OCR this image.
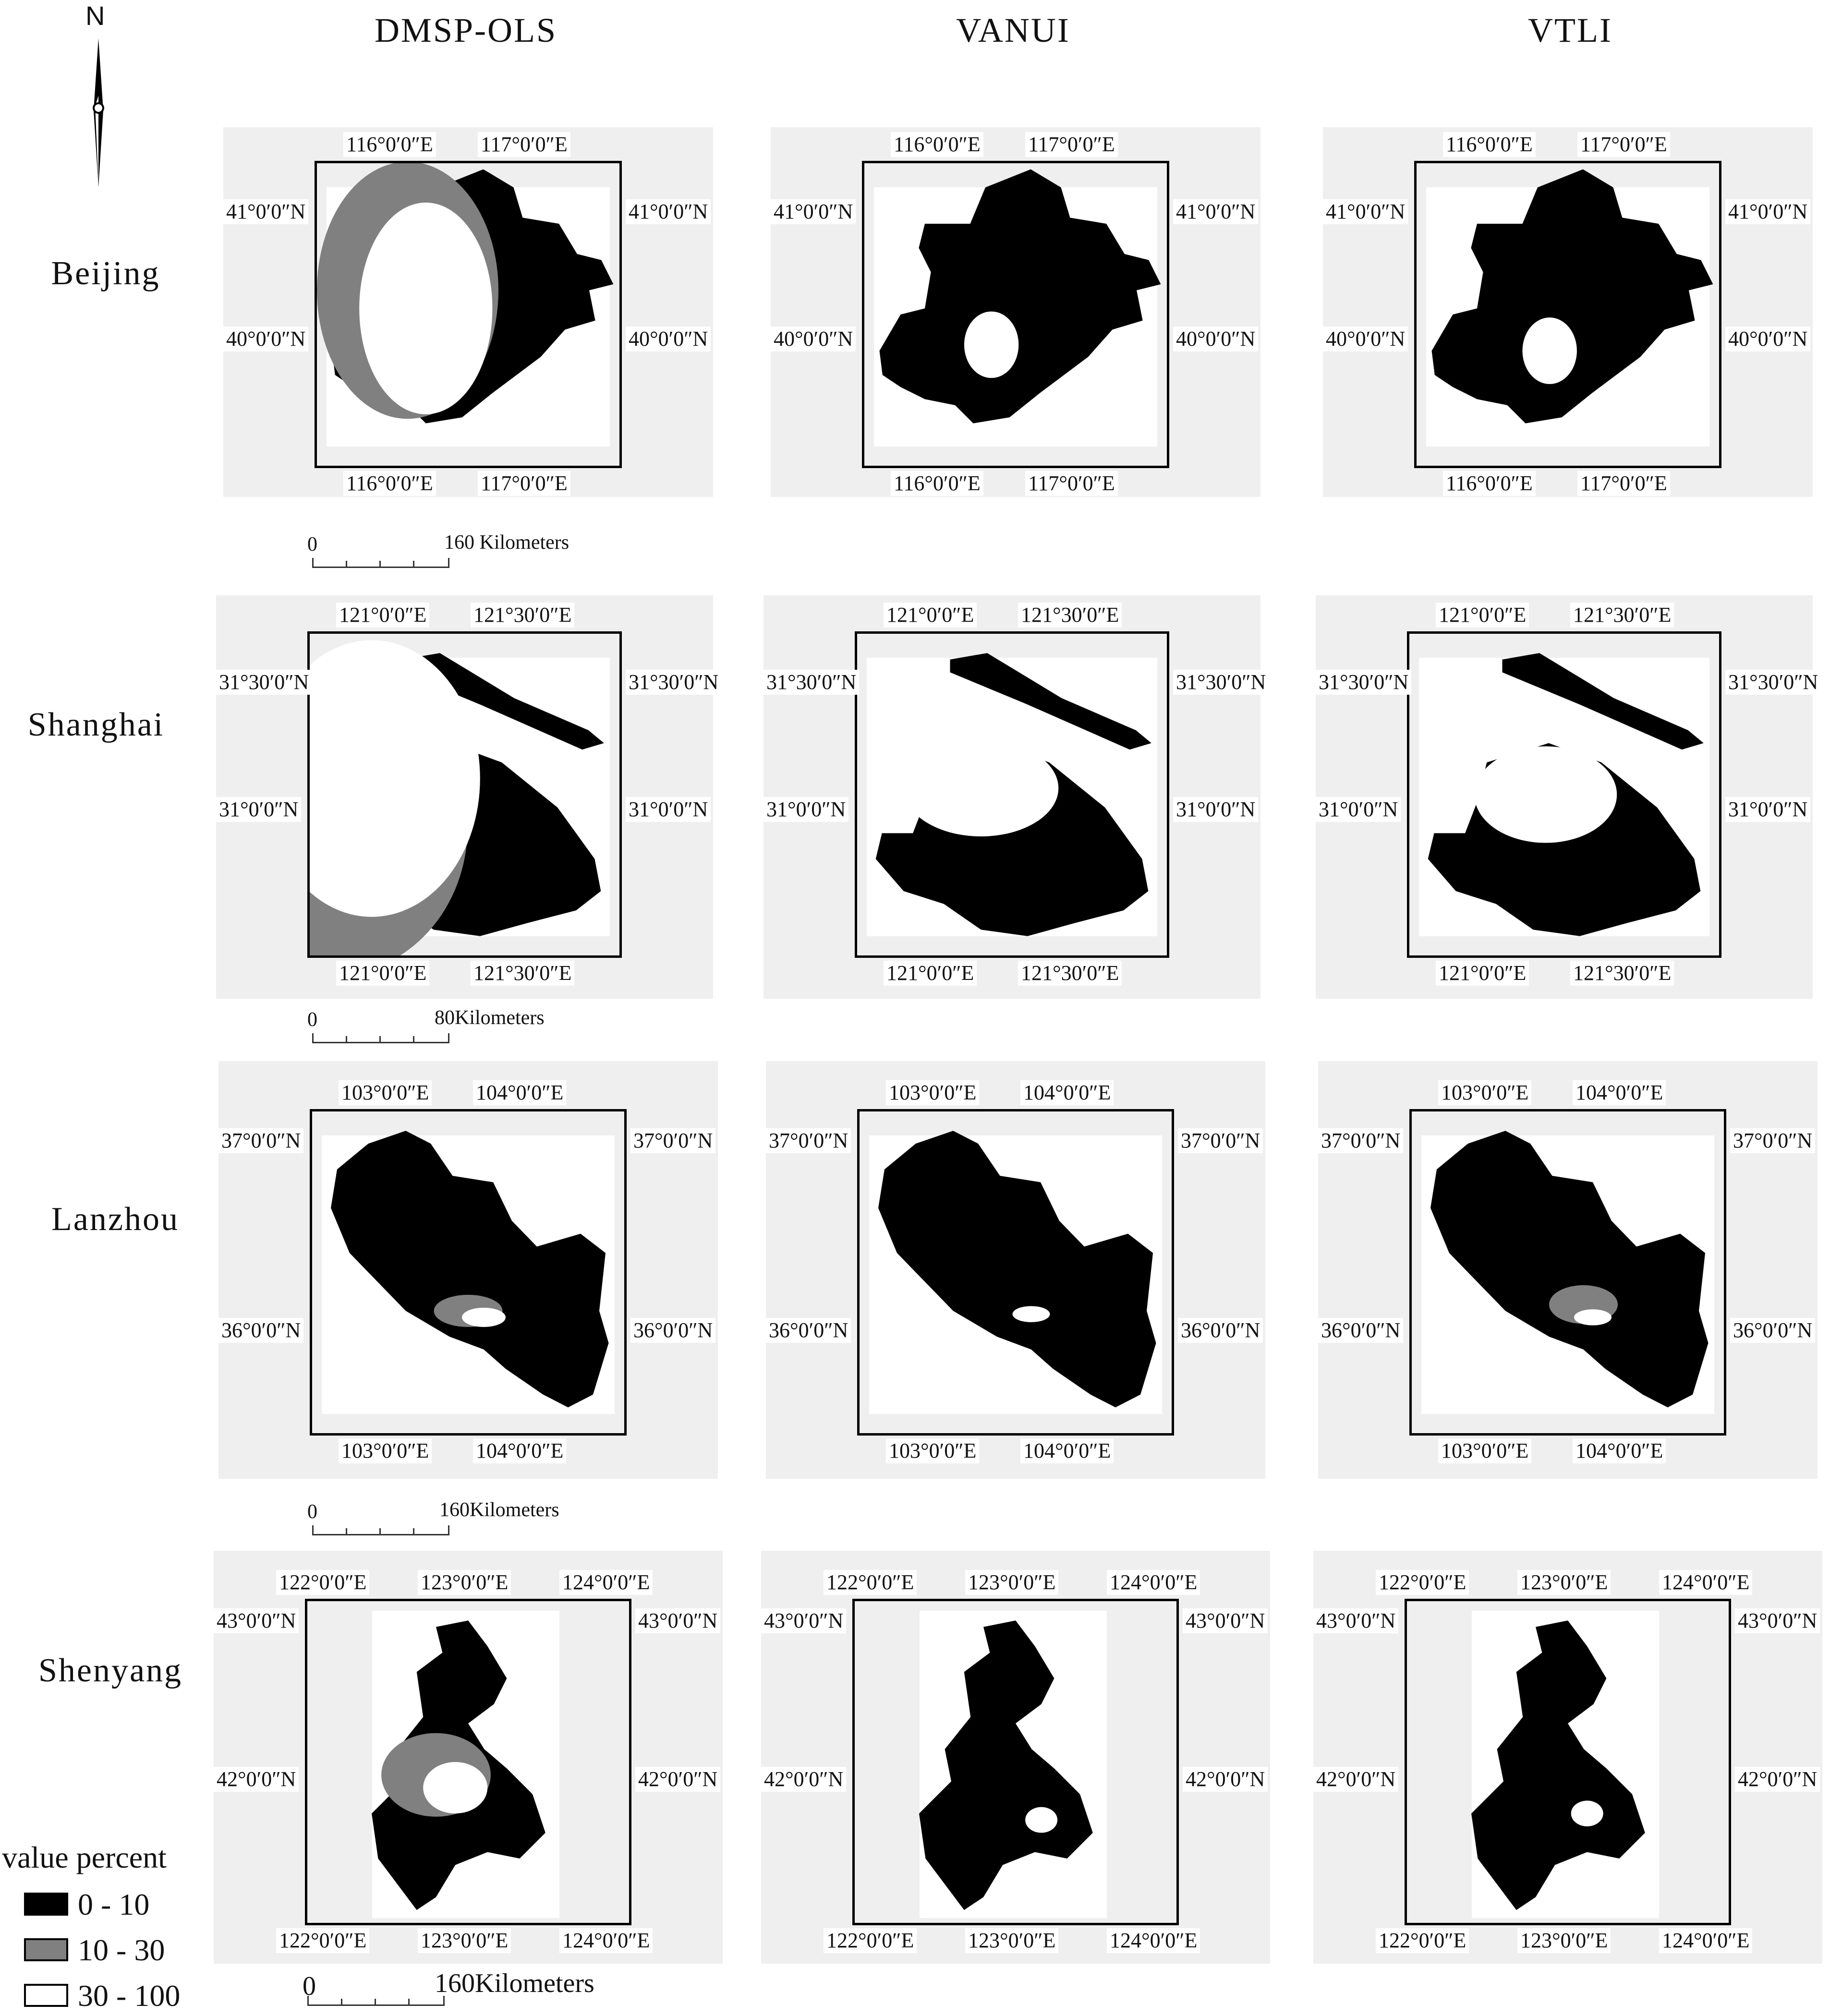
N	DMSP-OLS	VANUI	VTLI
Beijing
Shanghai
Lanzhou
Shenyang
0	160 Kilometers
0	80Kilometers
0	160Kilometers
0	160Kilometers
value percent
0 - 10
10 - 30
30 - 100
116°0′0″E 117°0′0″E
116°0′0″E 117°0′0″E
41°0′0″N
40°0′0″N
41°0′0″N
40°0′0″N
116°0′0″E 117°0′0″E
116°0′0″E 117°0′0″E
41°0′0″N
40°0′0″N
41°0′0″N
40°0′0″N
116°0′0″E 117°0′0″E
116°0′0″E 117°0′0″E
41°0′0″N
40°0′0″N
41°0′0″N
40°0′0″N
121°0′0″E 121°30′0″E
121°0′0″E 121°30′0″E
31°30′0″N
31°0′0″N
31°30′0″N
31°0′0″N
121°0′0″E 121°30′0″E
121°0′0″E 121°30′0″E
31°30′0″N
31°0′0″N
31°30′0″N
31°0′0″N
121°0′0″E 121°30′0″E
121°0′0″E 121°30′0″E
31°30′0″N
31°0′0″N
31°30′0″N
31°0′0″N
103°0′0″E 104°0′0″E
103°0′0″E 104°0′0″E
37°0′0″N
36°0′0″N
37°0′0″N
36°0′0″N
103°0′0″E 104°0′0″E
103°0′0″E 104°0′0″E
37°0′0″N
36°0′0″N
37°0′0″N
36°0′0″N
103°0′0″E 104°0′0″E
103°0′0″E 104°0′0″E
37°0′0″N
36°0′0″N
37°0′0″N
36°0′0″N
122°0′0″E	123°0′0″E	124°0′0″E
122°0′0″E	123°0′0″E	124°0′0″E
43°0′0″N
42°0′0″N
43°0′0″N
42°0′0″N
122°0′0″E	123°0′0″E	124°0′0″E
122°0′0″E	123°0′0″E	124°0′0″E
43°0′0″N
42°0′0″N
43°0′0″N
42°0′0″N
122°0′0″E	123°0′0″E	124°0′0″E
122°0′0″E	123°0′0″E	124°0′0″E
43°0′0″N
42°0′0″N
43°0′0″N
42°0′0″N
